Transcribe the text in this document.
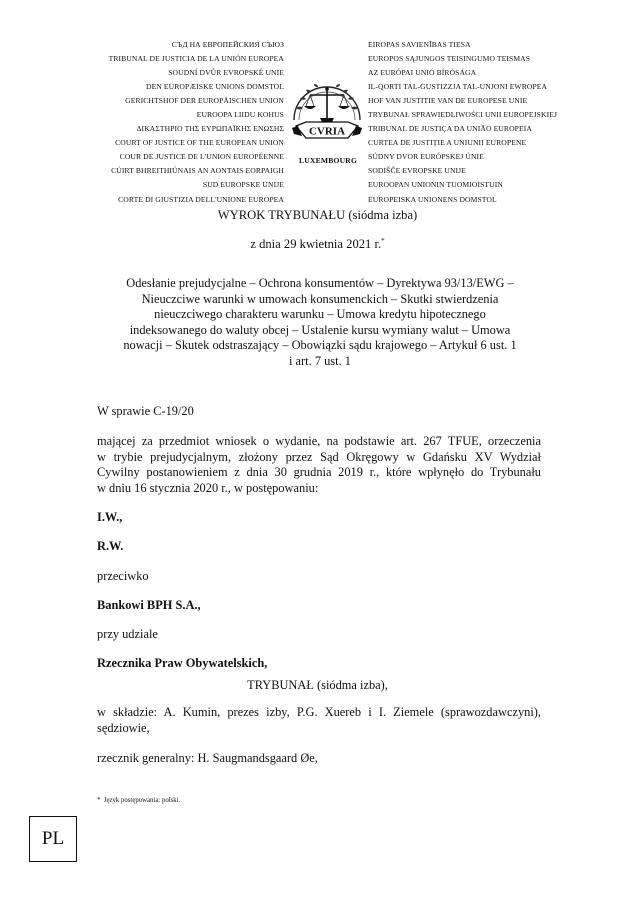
СЪД НА ЕВРОПЕЙСКИЯ СЪЮЗ
TRIBUNAL DE JUSTICIA DE LA UNIÓN EUROPEA
SOUDNÍ DVŮR EVROPSKÉ UNIE
DEN EUROPÆISKE UNIONS DOMSTOL
GERICHTSHOF DER EUROPÄISCHEN UNION
EUROOPA LIIDU KOHUS
ΔΙΚΑΣΤΗΡΙΟ ΤΗΣ ΕΥΡΩΠΑΪΚΗΣ ΕΝΩΣΗΣ
COURT OF JUSTICE OF THE EUROPEAN UNION
COUR DE JUSTICE DE L'UNION EUROPÉENNE
CÚIRT BHREITHIÚNAIS AN AONTAIS EORPAIGH
SUD EUROPSKE UNIJE
CORTE DI GIUSTIZIA DELL'UNIONE EUROPEA
EIROPAS SAVIENĪBAS TIESA
EUROPOS SĄJUNGOS TEISINGUMO TEISMAS
AZ EURÓPAI UNIÓ BÍRÓSÁGA
IL-QORTI TAL-ĠUSTIZZJA TAL-UNJONI EWROPEA
HOF VAN JUSTITIE VAN DE EUROPESE UNIE
TRYBUNAŁ SPRAWIEDLIWOŚCI UNII EUROPEJSKIEJ
TRIBUNAL DE JUSTIÇA DA UNIÃO EUROPEIA
CURTEA DE JUSTIȚIE A UNIUNII EUROPENE
SÚDNY DVOR EURÓPSKEJ ÚNIE
SODIŠČE EVROPSKE UNIJE
EUROOPAN UNIONIN TUOMIOISTUIN
EUROPEISKA UNIONENS DOMSTOL
CVRIA
LUXEMBOURG
WYROK TRYBUNAŁU (siódma izba)
z dnia 29 kwietnia 2021 r.*
Odesłanie prejudycjalne – Ochrona konsumentów – Dyrektywa 93/13/EWG –
Nieuczciwe warunki w umowach konsumenckich – Skutki stwierdzenia
nieuczciwego charakteru warunku – Umowa kredytu hipotecznego
indeksowanego do waluty obcej – Ustalenie kursu wymiany walut – Umowa
nowacji – Skutek odstraszający – Obowiązki sądu krajowego – Artykuł 6 ust. 1
i art. 7 ust. 1
W sprawie C-19/20
mającej za przedmiot wniosek o wydanie, na podstawie art. 267 TFUE, orzeczenia
w trybie prejudycjalnym, złożony przez Sąd Okręgowy w Gdańsku XV Wydział
Cywilny postanowieniem z dnia 30 grudnia 2019 r., które wpłynęło do Trybunału
w dniu 16 stycznia 2020 r., w postępowaniu:
I.W.,
R.W.
przeciwko
Bankowi BPH S.A.,
przy udziale
Rzecznika Praw Obywatelskich,
TRYBUNAŁ (siódma izba),
w składzie: A. Kumin, prezes izby, P.G. Xuereb i I. Ziemele (sprawozdawczyni),
sędziowie,
rzecznik generalny: H. Saugmandsgaard Øe,
* Język postępowania: polski.
PL
